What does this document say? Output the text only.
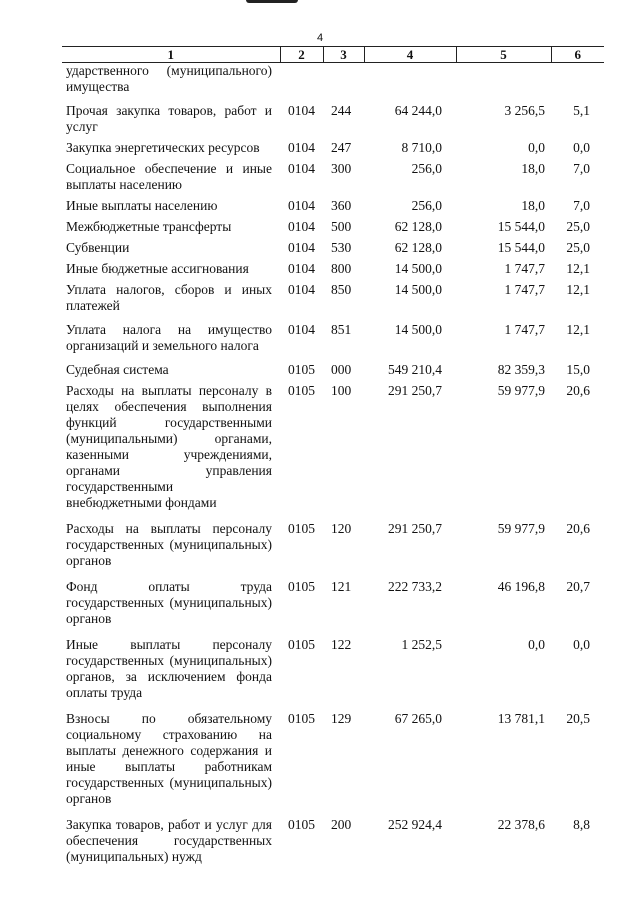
4
1	2	3	4	5	6
ударственного (муниципального) имущества					
Прочая закупка товаров, работ и услуг	0104	244	64 244,0	3 256,5	5,1
Закупка энергетических ресурсов	0104	247	8 710,0	0,0	0,0
Социальное обеспечение и иные выплаты населению	0104	300	256,0	18,0	7,0
Иные выплаты населению	0104	360	256,0	18,0	7,0
Межбюджетные трансферты	0104	500	62 128,0	15 544,0	25,0
Субвенции	0104	530	62 128,0	15 544,0	25,0
Иные бюджетные ассигнования	0104	800	14 500,0	1 747,7	12,1
Уплата налогов, сборов и иных платежей	0104	850	14 500,0	1 747,7	12,1
Уплата налога на имущество организаций и земельного налога	0104	851	14 500,0	1 747,7	12,1
Судебная система	0105	000	549 210,4	82 359,3	15,0
Расходы на выплаты персоналу в целях обеспечения выполнения функций государственными (муниципальными) органами, казенными учреждениями, органами управления государственными внебюджетными фондами	0105	100	291 250,7	59 977,9	20,6
Расходы на выплаты персоналу государственных (муниципальных) органов	0105	120	291 250,7	59 977,9	20,6
Фонд оплаты труда государственных (муниципальных) органов	0105	121	222 733,2	46 196,8	20,7
Иные выплаты персоналу государственных (муниципальных) органов, за исключением фонда оплаты труда	0105	122	1 252,5	0,0	0,0
Взносы по обязательному социальному страхованию на выплаты денежного содержания и иные выплаты работникам государственных (муниципальных) органов	0105	129	67 265,0	13 781,1	20,5
Закупка товаров, работ и услуг для обеспечения государственных (муниципальных) нужд	0105	200	252 924,4	22 378,6	8,8
